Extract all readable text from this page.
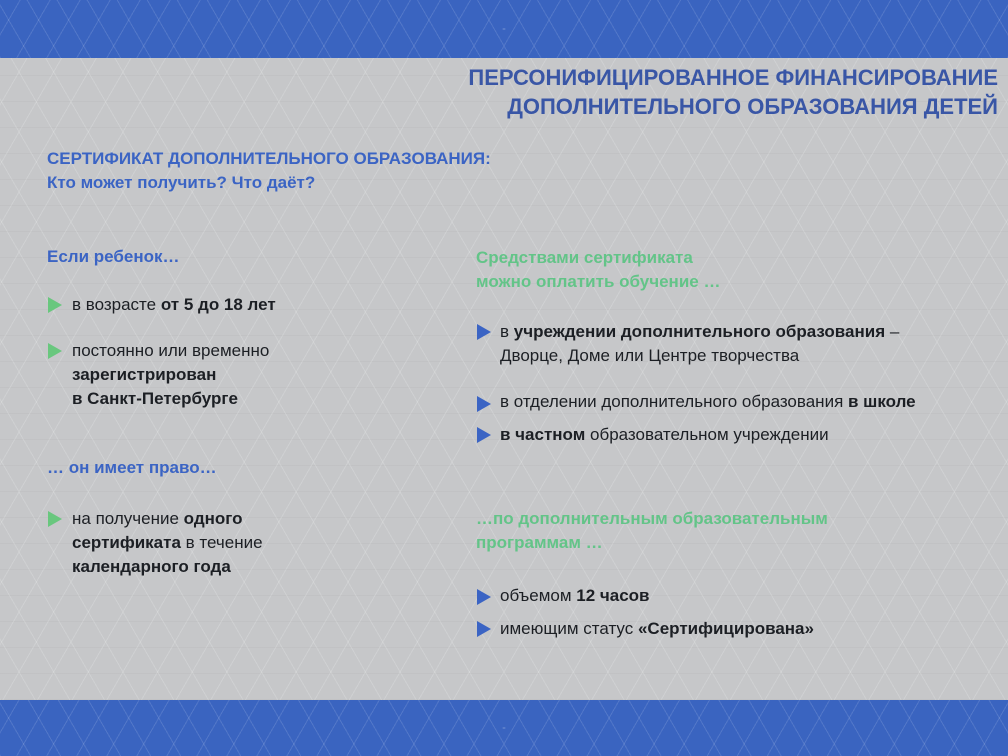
ПЕРСОНИФИЦИРОВАННОЕ ФИНАНСИРОВАНИЕ
ДОПОЛНИТЕЛЬНОГО ОБРАЗОВАНИЯ ДЕТЕЙ
СЕРТИФИКАТ ДОПОЛНИТЕЛЬНОГО ОБРАЗОВАНИЯ:
Кто может получить? Что даёт?
Если ребенок…
в возрасте от 5 до 18 лет
постоянно или временно
зарегистрирован
в Санкт-Петербурге
… он имеет право…
на получение одного
сертификата в течение
календарного года
Средствами сертификата
можно оплатить обучение …
в учреждении дополнительного образования –
Дворце, Доме или Центре творчества
в отделении дополнительного образования в школе
в частном образовательном учреждении
…по дополнительным образовательным
программам …
объемом 12 часов
имеющим статус «Сертифицирована»
